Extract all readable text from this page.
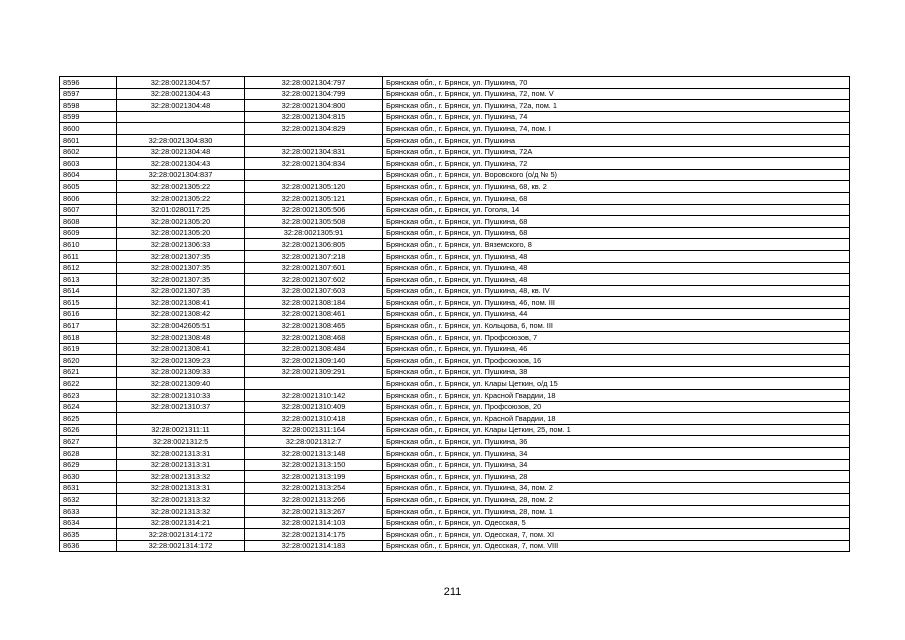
8596	32:28:0021304:57	32:28:0021304:797	Брянская обл., г. Брянск, ул. Пушкина, 70
8597	32:28:0021304:43	32:28:0021304:799	Брянская обл., г. Брянск, ул. Пушкина, 72, пом. V
8598	32:28:0021304:48	32:28:0021304:800	Брянская обл., г. Брянск, ул. Пушкина, 72а, пом. 1
8599		32:28:0021304:815	Брянская обл., г. Брянск, ул. Пушкина, 74
8600		32:28:0021304:829	Брянская обл., г. Брянск, ул. Пушкина, 74, пом. I
8601	32:28:0021304:830		Брянская обл., г. Брянск, ул. Пушкина
8602	32:28:0021304:48	32:28:0021304:831	Брянская обл., г. Брянск, ул. Пушкина, 72А
8603	32:28:0021304:43	32:28:0021304:834	Брянская обл., г. Брянск, ул. Пушкина, 72
8604	32:28:0021304:837		Брянская обл., г. Брянск, ул. Воровского (о/д № 5)
8605	32:28:0021305:22	32:28:0021305:120	Брянская обл., г. Брянск, ул. Пушкина, 68, кв. 2
8606	32:28:0021305:22	32:28:0021305:121	Брянская обл., г. Брянск, ул. Пушкина, 68
8607	32:01:0280117:25	32:28:0021305:506	Брянская обл., г. Брянск, ул. Гоголя, 14
8608	32:28:0021305:20	32:28:0021305:508	Брянская обл., г. Брянск, ул. Пушкина, 68
8609	32:28:0021305:20	32:28:0021305:91	Брянская обл., г. Брянск, ул. Пушкина, 68
8610	32:28:0021306:33	32:28:0021306:805	Брянская обл., г. Брянск, ул. Вяземского, 8
8611	32:28:0021307:35	32:28:0021307:218	Брянская обл., г. Брянск, ул. Пушкина, 48
8612	32:28:0021307:35	32:28:0021307:601	Брянская обл., г. Брянск, ул. Пушкина, 48
8613	32:28:0021307:35	32:28:0021307:602	Брянская обл., г. Брянск, ул. Пушкина, 48
8614	32:28:0021307:35	32:28:0021307:603	Брянская обл., г. Брянск, ул. Пушкина, 48, кв. IV
8615	32:28:0021308:41	32:28:0021308:184	Брянская обл., г. Брянск, ул. Пушкина, 46, пом. III
8616	32:28:0021308:42	32:28:0021308:461	Брянская обл., г. Брянск, ул. Пушкина, 44
8617	32:28:0042605:51	32:28:0021308:465	Брянская обл., г. Брянск, ул. Кольцова, 6, пом. III
8618	32:28:0021308:48	32:28:0021308:468	Брянская обл., г. Брянск, ул. Профсоюзов, 7
8619	32:28:0021308:41	32:28:0021308:484	Брянская обл., г. Брянск, ул. Пушкина, 46
8620	32:28:0021309:23	32:28:0021309:140	Брянская обл., г. Брянск, ул. Профсоюзов, 16
8621	32:28:0021309:33	32:28:0021309:291	Брянская обл., г. Брянск, ул. Пушкина, 38
8622	32:28:0021309:40		Брянская обл., г. Брянск, ул. Клары Цеткин, о/д 15
8623	32:28:0021310:33	32:28:0021310:142	Брянская обл., г. Брянск, ул. Красной Гвардии, 18
8624	32:28:0021310:37	32:28:0021310:409	Брянская обл., г. Брянск, ул. Профсоюзов, 20
8625		32:28:0021310:418	Брянская обл., г. Брянск, ул. Красной Гвардии, 18
8626	32:28:0021311:11	32:28:0021311:164	Брянская обл., г. Брянск, ул. Клары Цеткин, 25, пом. 1
8627	32:28:0021312:5	32:28:0021312:7	Брянская обл., г. Брянск, ул. Пушкина, 36
8628	32:28:0021313:31	32:28:0021313:148	Брянская обл., г. Брянск, ул. Пушкина, 34
8629	32:28:0021313:31	32:28:0021313:150	Брянская обл., г. Брянск, ул. Пушкина, 34
8630	32:28:0021313:32	32:28:0021313:199	Брянская обл., г. Брянск, ул. Пушкина, 28
8631	32:28:0021313:31	32:28:0021313:254	Брянская обл., г. Брянск, ул. Пушкина, 34, пом. 2
8632	32:28:0021313:32	32:28:0021313:266	Брянская обл., г. Брянск, ул. Пушкина, 28, пом. 2
8633	32:28:0021313:32	32:28:0021313:267	Брянская обл., г. Брянск, ул. Пушкина, 28, пом. 1
8634	32:28:0021314:21	32:28:0021314:103	Брянская обл., г. Брянск, ул. Одесская, 5
8635	32:28:0021314:172	32:28:0021314:175	Брянская обл., г. Брянск, ул. Одесская, 7, пом. XI
8636	32:28:0021314:172	32:28:0021314:183	Брянская обл., г. Брянск, ул. Одесская, 7, пом. VIII
211
